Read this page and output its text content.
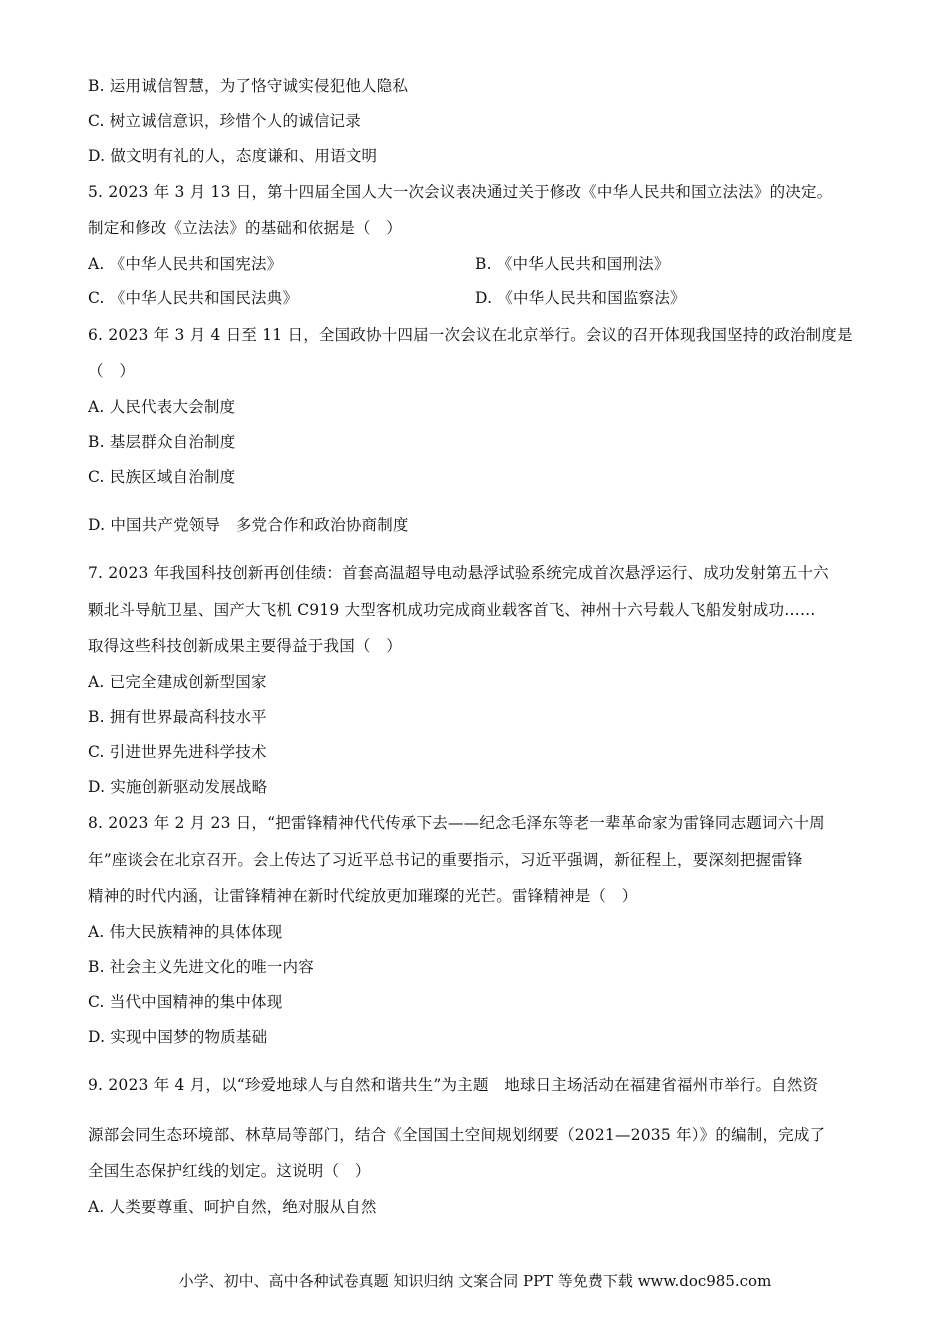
B. 运用诚信智慧，为了恪守诚实侵犯他人隐私
C. 树立诚信意识，珍惜个人的诚信记录
D. 做文明有礼的人，态度谦和、用语文明
5. 2023 年 3 月 13 日，第十四届全国人大一次会议表决通过关于修改《中华人民共和国立法法》的决定。
制定和修改《立法法》的基础和依据是（　）
A. 《中华人民共和国宪法》	B. 《中华人民共和国刑法》
C. 《中华人民共和国民法典》	D. 《中华人民共和国监察法》
6. 2023 年 3 月 4 日至 11 日，全国政协十四届一次会议在北京举行。会议的召开体现我国坚持的政治制度是
（　）
A. 人民代表大会制度
B. 基层群众自治制度
C. 民族区域自治制度
D. 中国共产党领导　多党合作和政治协商制度
7. 2023 年我国科技创新再创佳绩：首套高温超导电动悬浮试验系统完成首次悬浮运行、成功发射第五十六
颗北斗导航卫星、国产大飞机 C919 大型客机成功完成商业载客首飞、神州十六号载人飞船发射成功……
取得这些科技创新成果主要得益于我国（　）
A. 已完全建成创新型国家
B. 拥有世界最高科技水平
C. 引进世界先进科学技术
D. 实施创新驱动发展战略
8. 2023 年 2 月 23 日，“把雷锋精神代代传承下去——纪念毛泽东等老一辈革命家为雷锋同志题词六十周
年”座谈会在北京召开。会上传达了习近平总书记的重要指示，习近平强调，新征程上，要深刻把握雷锋
精神的时代内涵，让雷锋精神在新时代绽放更加璀璨的光芒。雷锋精神是（　）
A. 伟大民族精神的具体体现
B. 社会主义先进文化的唯一内容
C. 当代中国精神的集中体现
D. 实现中国梦的物质基础
9. 2023 年 4 月，以“珍爱地球人与自然和谐共生”为主题　地球日主场活动在福建省福州市举行。自然资
源部会同生态环境部、林草局等部门，结合《全国国土空间规划纲要（2021—2035 年）》的编制，完成了
全国生态保护红线的划定。这说明（　）
A. 人类要尊重、呵护自然，绝对服从自然
小学、初中、高中各种试卷真题 知识归纳 文案合同 PPT 等免费下载 www.doc985.com
